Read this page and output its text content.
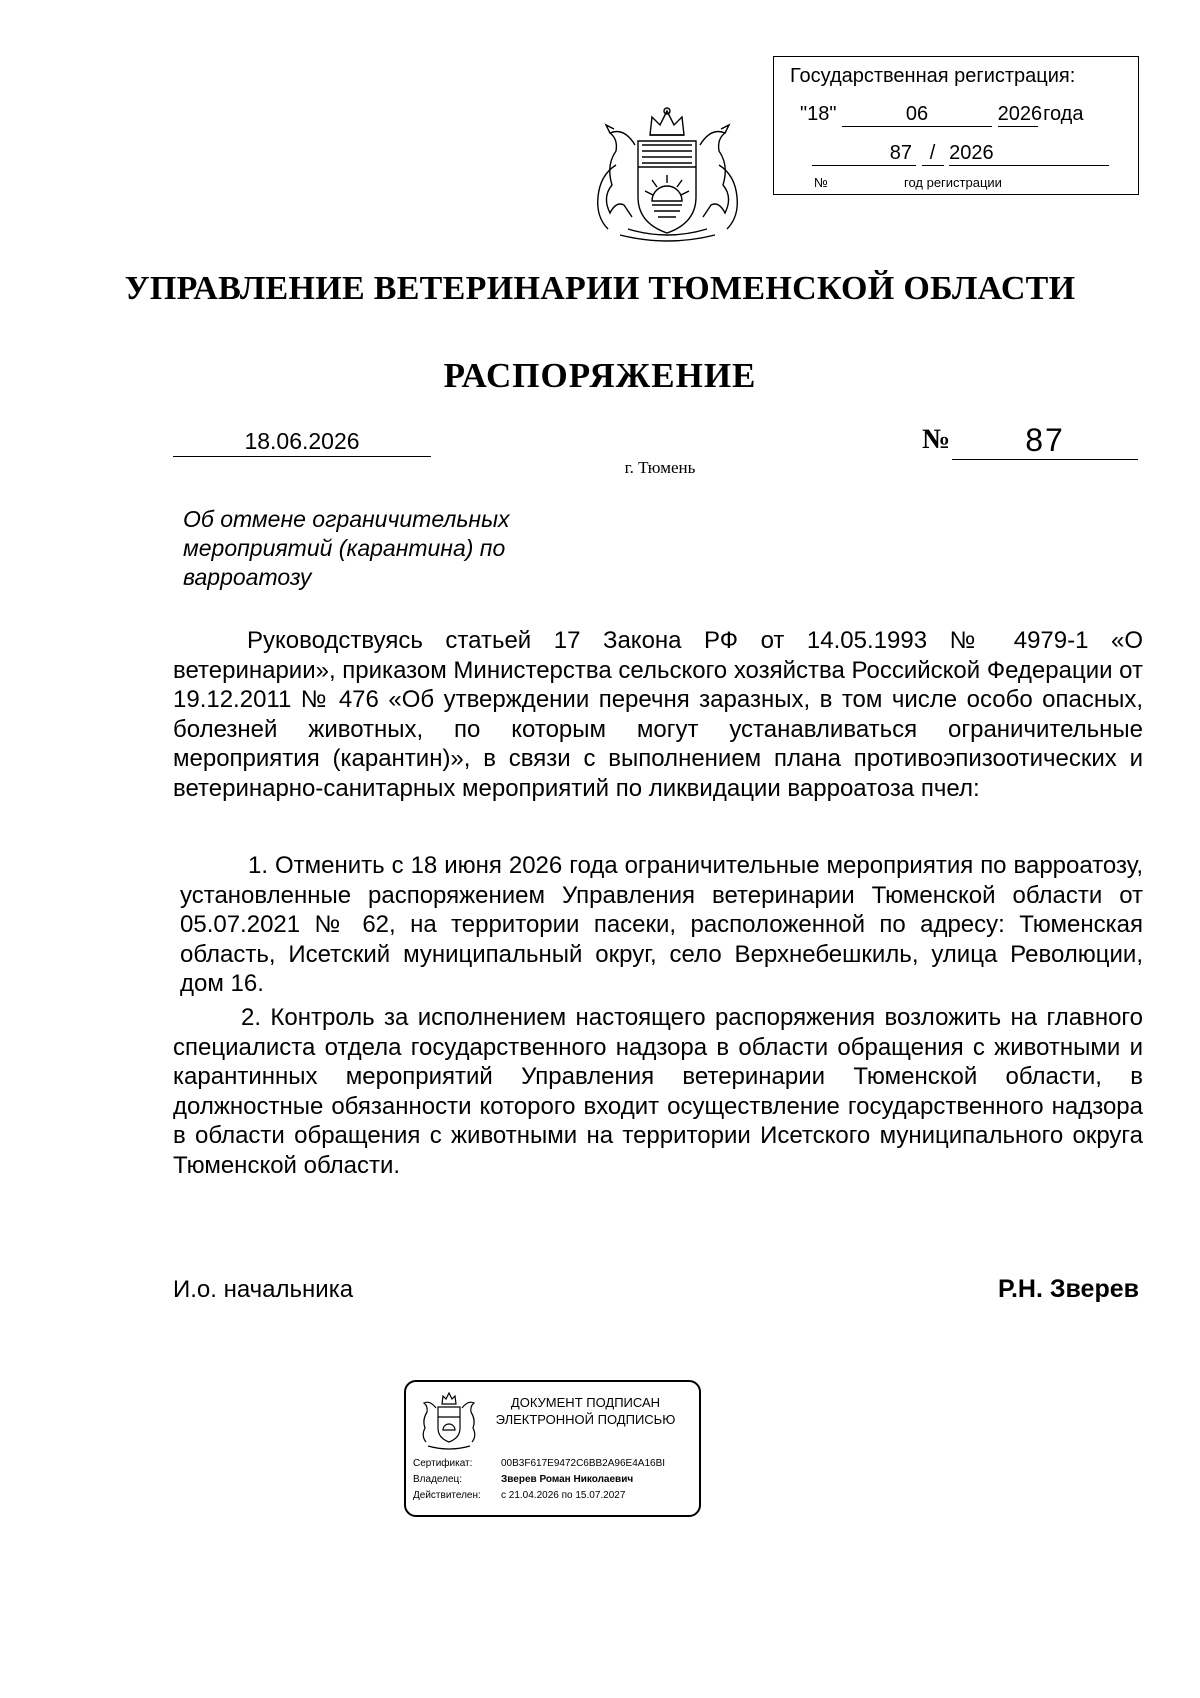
Государственная регистрация:
"18"	06	2026 года
87 / 2026
№	год регистрации
УПРАВЛЕНИЕ ВЕТЕРИНАРИИ ТЮМЕНСКОЙ ОБЛАСТИ
РАСПОРЯЖЕНИЕ
18.06.2026	№	87
г. Тюмень
Об отмене ограничительных мероприятий (карантина) по варроатозу
Руководствуясь статьей 17 Закона РФ от 14.05.1993 № 4979-1 «О ветеринарии», приказом Министерства сельского хозяйства Российской Федерации от 19.12.2011 № 476 «Об утверждении перечня заразных, в том числе особо опасных, болезней животных, по которым могут устанавливаться ограничительные мероприятия (карантин)», в связи с выполнением плана противоэпизоотических и ветеринарно-санитарных мероприятий по ликвидации варроатоза пчел:
1. Отменить с 18 июня 2026 года ограничительные мероприятия по варроатозу, установленные распоряжением Управления ветеринарии Тюменской области от 05.07.2021 № 62, на территории пасеки, расположенной по адресу: Тюменская область, Исетский муниципальный округ, село Верхнебешкиль, улица Революции, дом 16.
2. Контроль за исполнением настоящего распоряжения возложить на главного специалиста отдела государственного надзора в области обращения с животными и карантинных мероприятий Управления ветеринарии Тюменской области, в должностные обязанности которого входит осуществление государственного надзора в области обращения с животными на территории Исетского муниципального округа Тюменской области.
И.о. начальника	Р.Н. Зверев
ДОКУМЕНТ ПОДПИСАН
ЭЛЕКТРОННОЙ ПОДПИСЬЮ
Сертификат:	00B3F617E9472C6BB2A96E4A16BI
Владелец:	Зверев Роман Николаевич
Действителен: с 21.04.2026 по 15.07.2027
